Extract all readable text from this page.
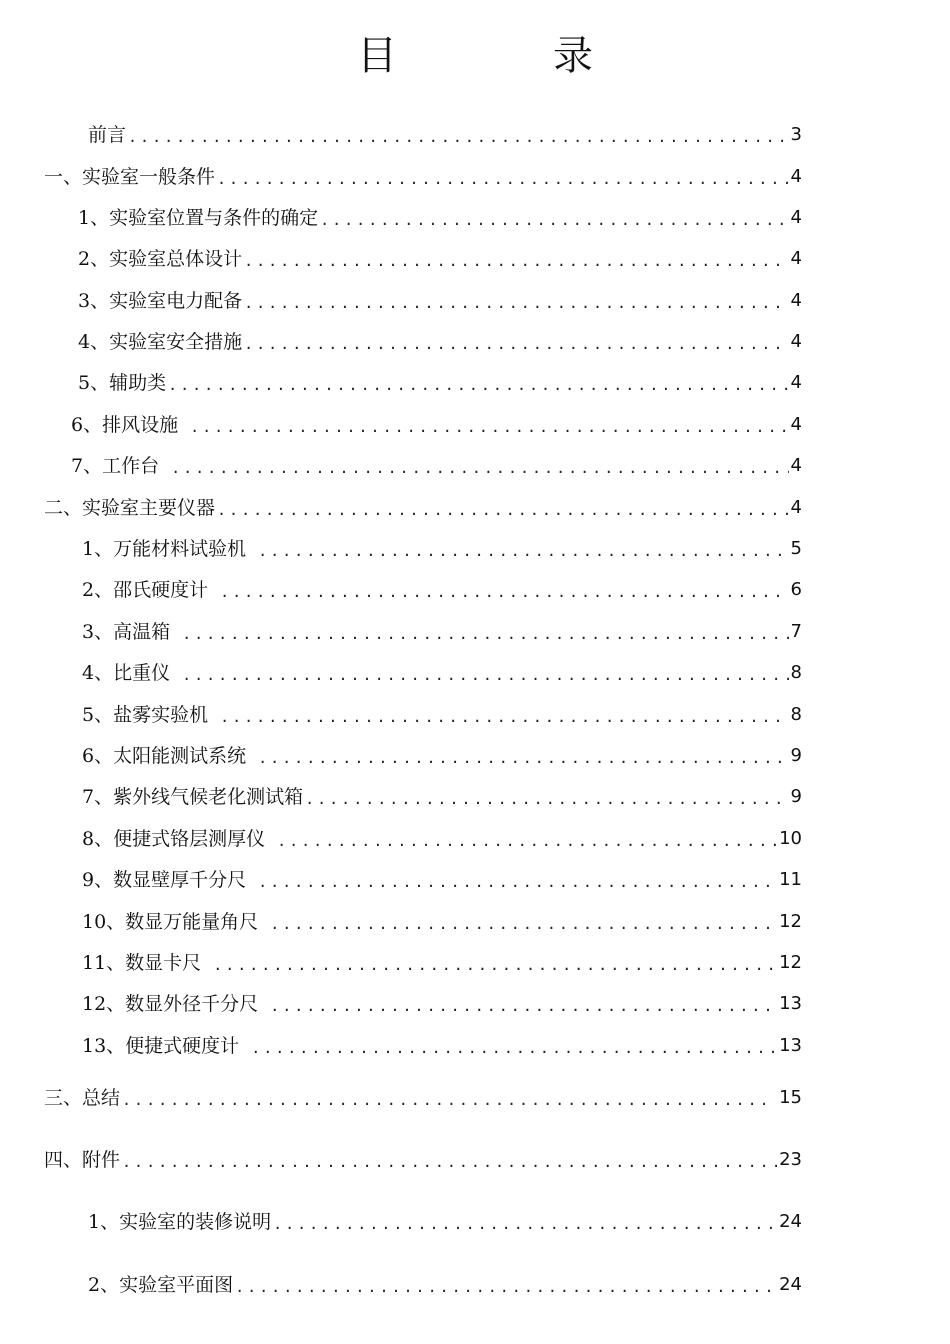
目　录
前言 .....	3
一、实验室一般条件 .....	4
1、实验室位置与条件的确定 .....	4
2、实验室总体设计 .....	4
3、实验室电力配备 .....	4
4、实验室安全措施 .....	4
5、辅助类 .....	4
6、排风设施 .....	4
7、工作台 .....	4
二、实验室主要仪器 .....	4
1、万能材料试验机 .....	5
2、邵氏硬度计 .....	6
3、高温箱 .....	7
4、比重仪 .....	8
5、盐雾实验机 .....	8
6、太阳能测试系统 .....	9
7、紫外线气候老化测试箱 .....	9
8、便捷式铬层测厚仪 .....	10
9、数显壁厚千分尺 .....	11
10、数显万能量角尺 .....	12
11、数显卡尺 .....	12
12、数显外径千分尺 .....	13
13、便捷式硬度计 .....	13
三、总结 .....	15
四、附件 .....	23
1、实验室的装修说明 .....	24
2、实验室平面图 .....	24
